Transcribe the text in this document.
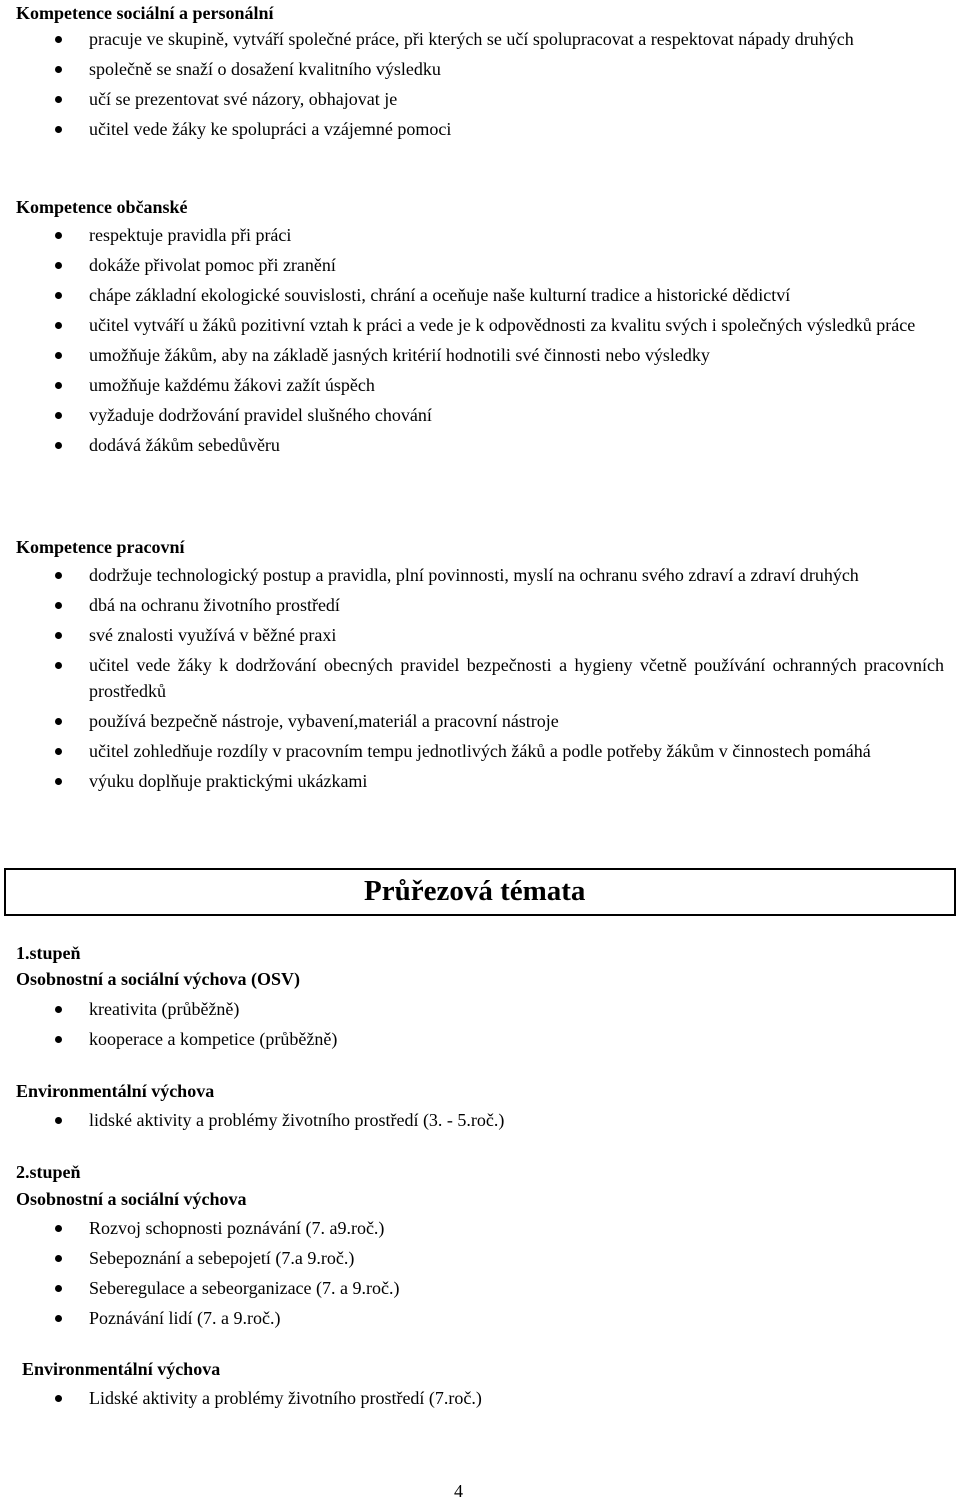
Kompetence sociální a personální
pracuje ve skupině, vytváří společné práce, při kterých se učí spolupracovat a respektovat nápady druhých
společně se snaží o dosažení kvalitního výsledku
učí se prezentovat své názory, obhajovat je
učitel vede žáky ke spolupráci a vzájemné pomoci
Kompetence občanské
respektuje pravidla při práci
dokáže přivolat pomoc při zranění
chápe základní ekologické souvislosti, chrání a oceňuje naše kulturní tradice a historické dědictví
učitel vytváří u žáků pozitivní vztah k práci a vede je k odpovědnosti za kvalitu svých i společných výsledků práce
umožňuje žákům, aby na základě jasných kritérií hodnotili své činnosti nebo výsledky
umožňuje každému žákovi zažít úspěch
vyžaduje dodržování pravidel slušného chování
dodává žákům sebedůvěru
Kompetence pracovní
dodržuje technologický postup a pravidla, plní povinnosti, myslí na ochranu svého zdraví a zdraví druhých
dbá na ochranu životního prostředí
své znalosti využívá v běžné praxi
učitel vede žáky k dodržování obecných pravidel bezpečnosti a hygieny včetně používání ochranných pracovních prostředků
používá bezpečně nástroje, vybavení,materiál a pracovní nástroje
učitel zohledňuje rozdíly v pracovním tempu jednotlivých žáků a podle potřeby žákům v činnostech pomáhá
výuku doplňuje praktickými ukázkami
Průřezová témata
1.stupeň
Osobnostní a sociální výchova (OSV)
kreativita (průběžně)
kooperace a kompetice (průběžně)
Environmentální výchova
lidské aktivity a problémy životního prostředí (3. - 5.roč.)
2.stupeň
Osobnostní a sociální výchova
Rozvoj schopnosti poznávání (7. a9.roč.)
Sebepoznání a sebepojetí (7.a 9.roč.)
Seberegulace a sebeorganizace (7. a 9.roč.)
Poznávání lidí (7. a 9.roč.)
Environmentální výchova
Lidské aktivity a problémy životního prostředí (7.roč.)
4
